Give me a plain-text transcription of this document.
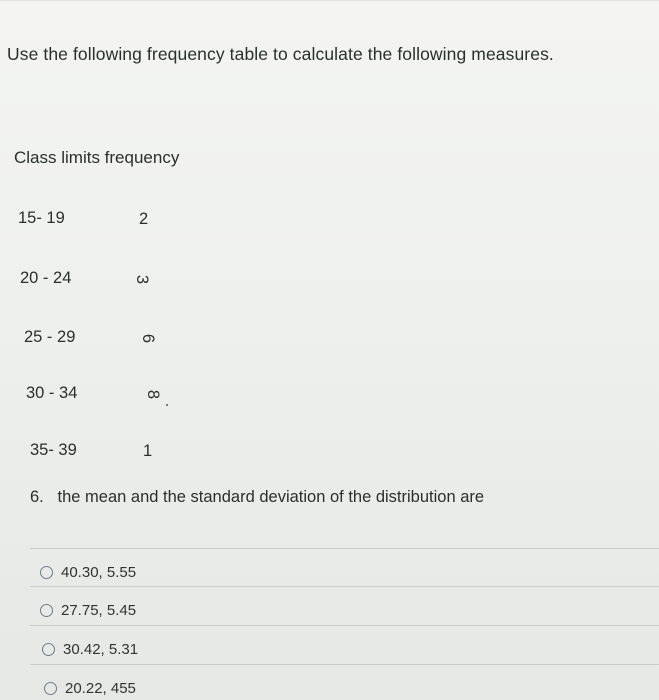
Use the following frequency table to calculate the following measures.
Class limits frequency
15- 19	2
20 - 24	3
25 - 29	6
30 - 34	8
35- 39	1
6. the mean and the standard deviation of the distribution are
40.30, 5.55
27.75, 5.45
30.42, 5.31
20.22, 455
